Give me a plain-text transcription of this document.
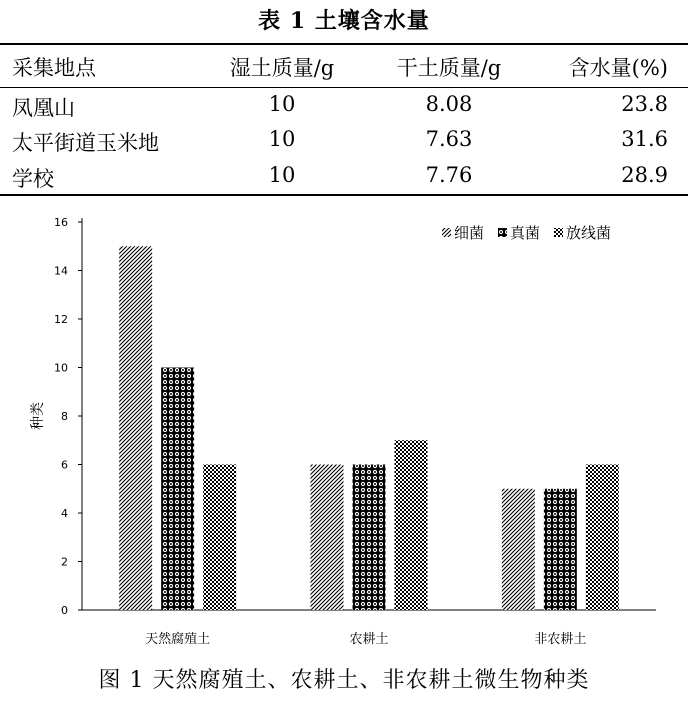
表 1 土壤含水量
采集地点	湿土质量/g	干土质量/g	含水量(%)
凤凰山	10	8.08	23.8
太平街道玉米地	10	7.63	31.6
学校	10	7.76	28.9
0
2
4
6
8
10
12
14
16
种类
天然腐殖土	农耕土	非农耕土
细菌 真菌 放线菌
图 1 天然腐殖土、农耕土、非农耕土微生物种类
